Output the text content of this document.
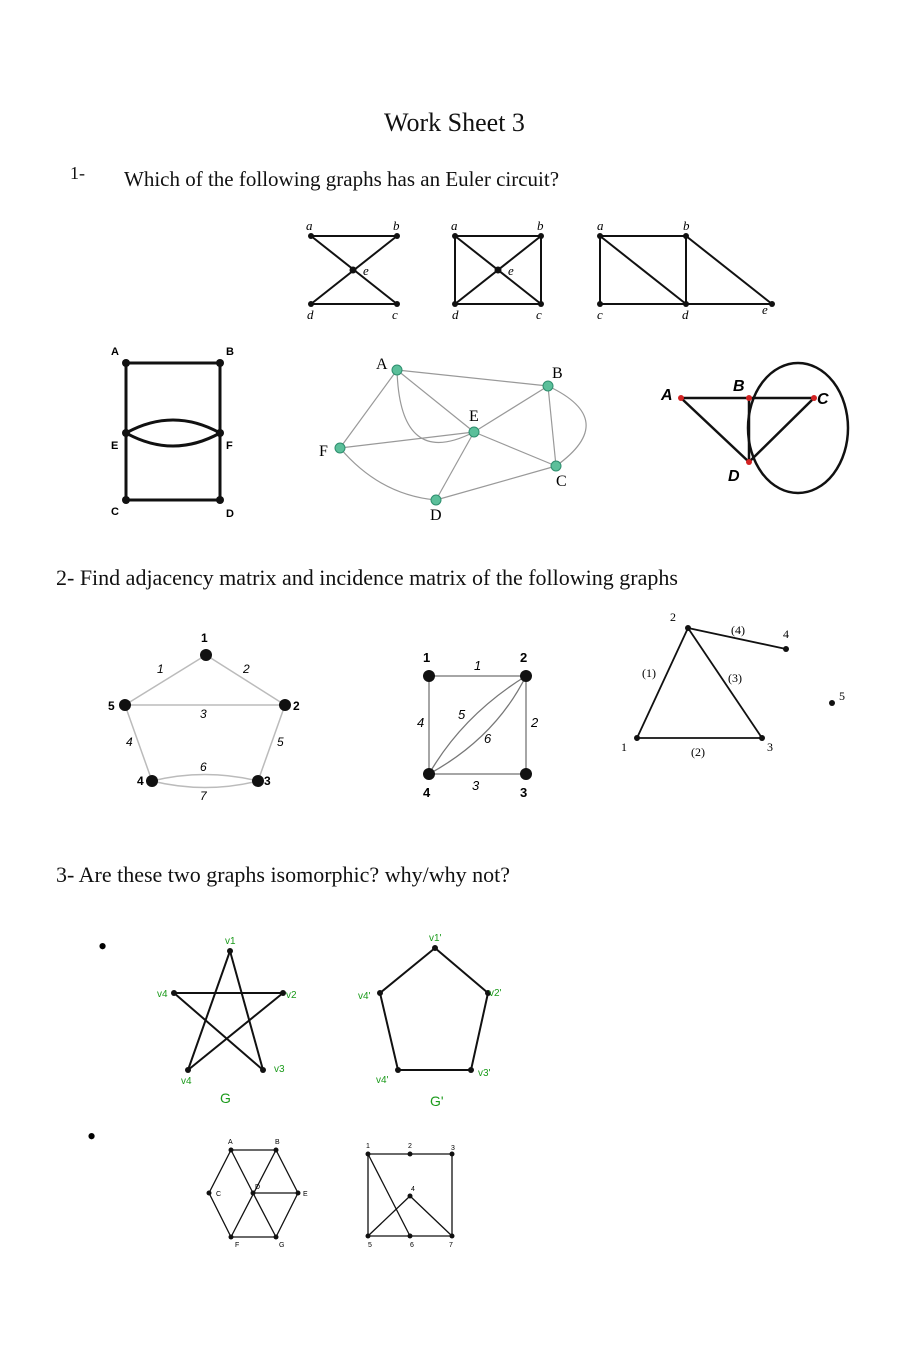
Work Sheet 3
1- Which of the following graphs has an Euler circuit?
2- Find adjacency matrix and incidence matrix of the following graphs
3- Are these two graphs isomorphic? why/why not?
a	b
c
d
e
a	b
c
d
e
a	b
c	d	e
A	B
E	F
C	D
A
B
E
F
C
D
A
B
C
D
1
2
3
4
5
1	2
3
4	5
6
7
1	2
3
4
1
2
3
4
5
6
2
1	3
4
5
(1)
(2)
(3)
(4)
•
•
v1
v2
v3
v4
v4
G
v1'
v2'
v3'
v4'
v4'
G'
A	B
C
D
E
F	G
1	2	3
4
5	6	7
